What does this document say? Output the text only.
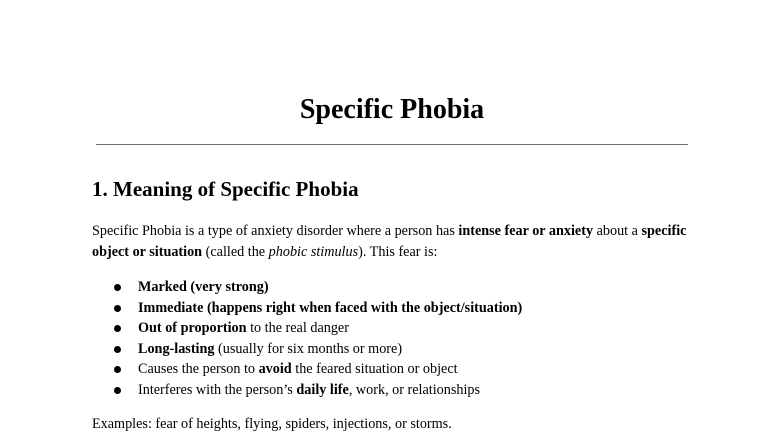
Specific Phobia
1. Meaning of Specific Phobia

Specific Phobia is a type of anxiety disorder where a person has intense fear or anxiety about a specific object or situation (called the phobic stimulus). This fear is:

Marked (very strong)
Immediate (happens right when faced with the object/situation)
Out of proportion to the real danger
Long-lasting (usually for six months or more)
Causes the person to avoid the feared situation or object
Interferes with the person’s daily life, work, or relationships

Examples: fear of heights, flying, spiders, injections, or storms.
